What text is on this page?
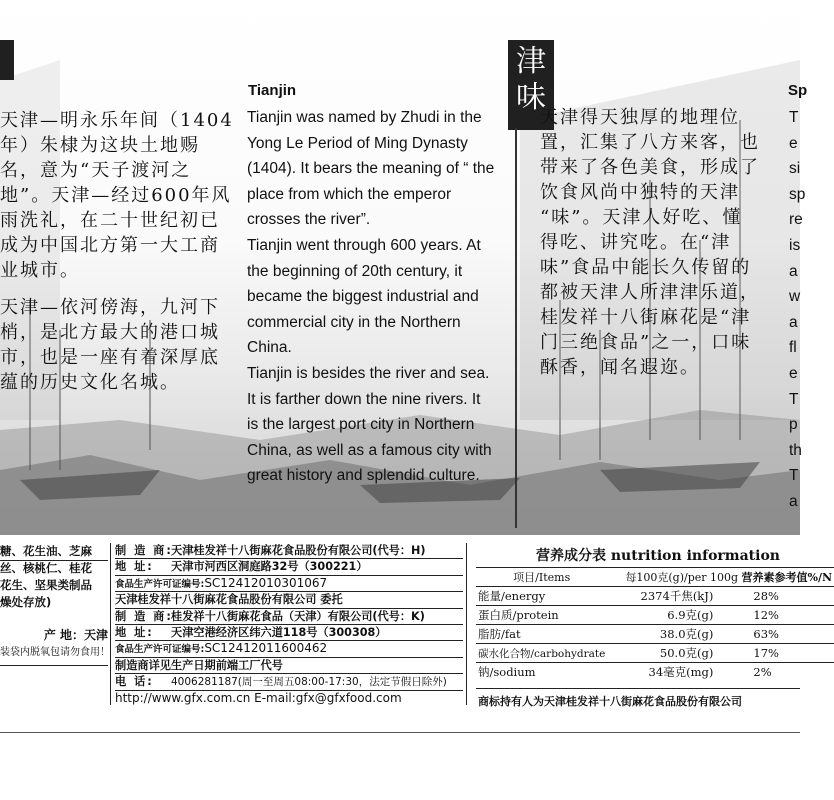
津
味
天津—明永乐年间（1404
年）朱棣为这块土地赐
名，意为“天子渡河之
地”。天津—经过600年风
雨洗礼，在二十世纪初已
成为中国北方第一大工商
业城市。
天津—依河傍海，九河下
梢，是北方最大的港口城
市，也是一座有着深厚底
蕴的历史文化名城。
Tianjin
Tianjin was named by Zhudi in the
Yong Le Period of Ming Dynasty
(1404). It bears the meaning of “ the
place from which the emperor
crosses the river”.
Tianjin went through 600 years. At
the beginning of 20th century, it
became the biggest industrial and
commercial city in the Northern
China.
Tianjin is besides the river and sea.
It is farther down the nine rivers. It
is the largest port city in Northern
China, as well as a famous city with
great history and splendid culture.
天津得天独厚的地理位
置，汇集了八方来客，也
带来了各色美食，形成了
饮食风尚中独特的天津
“味”。天津人好吃、懂
得吃、讲究吃。在“津
味”食品中能长久传留的
都被天津人所津津乐道，
桂发祥十八街麻花是“津
门三绝食品”之一，口味
酥香，闻名遐迩。
Sp
T
e
si
sp
re
is
a
w
a
fl
e
T
p
th
T
a
糖、花生油、芝麻
丝、核桃仁、桂花
花生、坚果类制品
燥处存放)
产 地：天津
装袋内脱氧包请勿食用！
制 造 商:天津桂发祥十八街麻花食品股份有限公司(代号：H)
地 址: 天津市河西区洞庭路32号（300221）
食品生产许可证编号:SC12412010301067
天津桂发祥十八街麻花食品股份有限公司 委托
制 造 商:桂发祥十八街麻花食品（天津）有限公司(代号：K)
地 址: 天津空港经济区纬六道118号（300308）
食品生产许可证编号:SC12412011600462
制造商详见生产日期前端工厂代号
电 话: 4006281187(周一至周五08:00-17:30，法定节假日除外)
http://www.gfx.com.cn E-mail:gfx@gfxfood.com
营养成分表 nutrition information
项目/Items	每100克(g)/per 100g 营养素参考值%/N	
能量/energy	2374千焦(kJ)	28%
蛋白质/protein	6.9克(g)	12%
脂肪/fat	38.0克(g)	63%
碳水化合物/carbohydrate	50.0克(g)	17%
钠/sodium	34毫克(mg)	2%
商标持有人为天津桂发祥十八街麻花食品股份有限公司
